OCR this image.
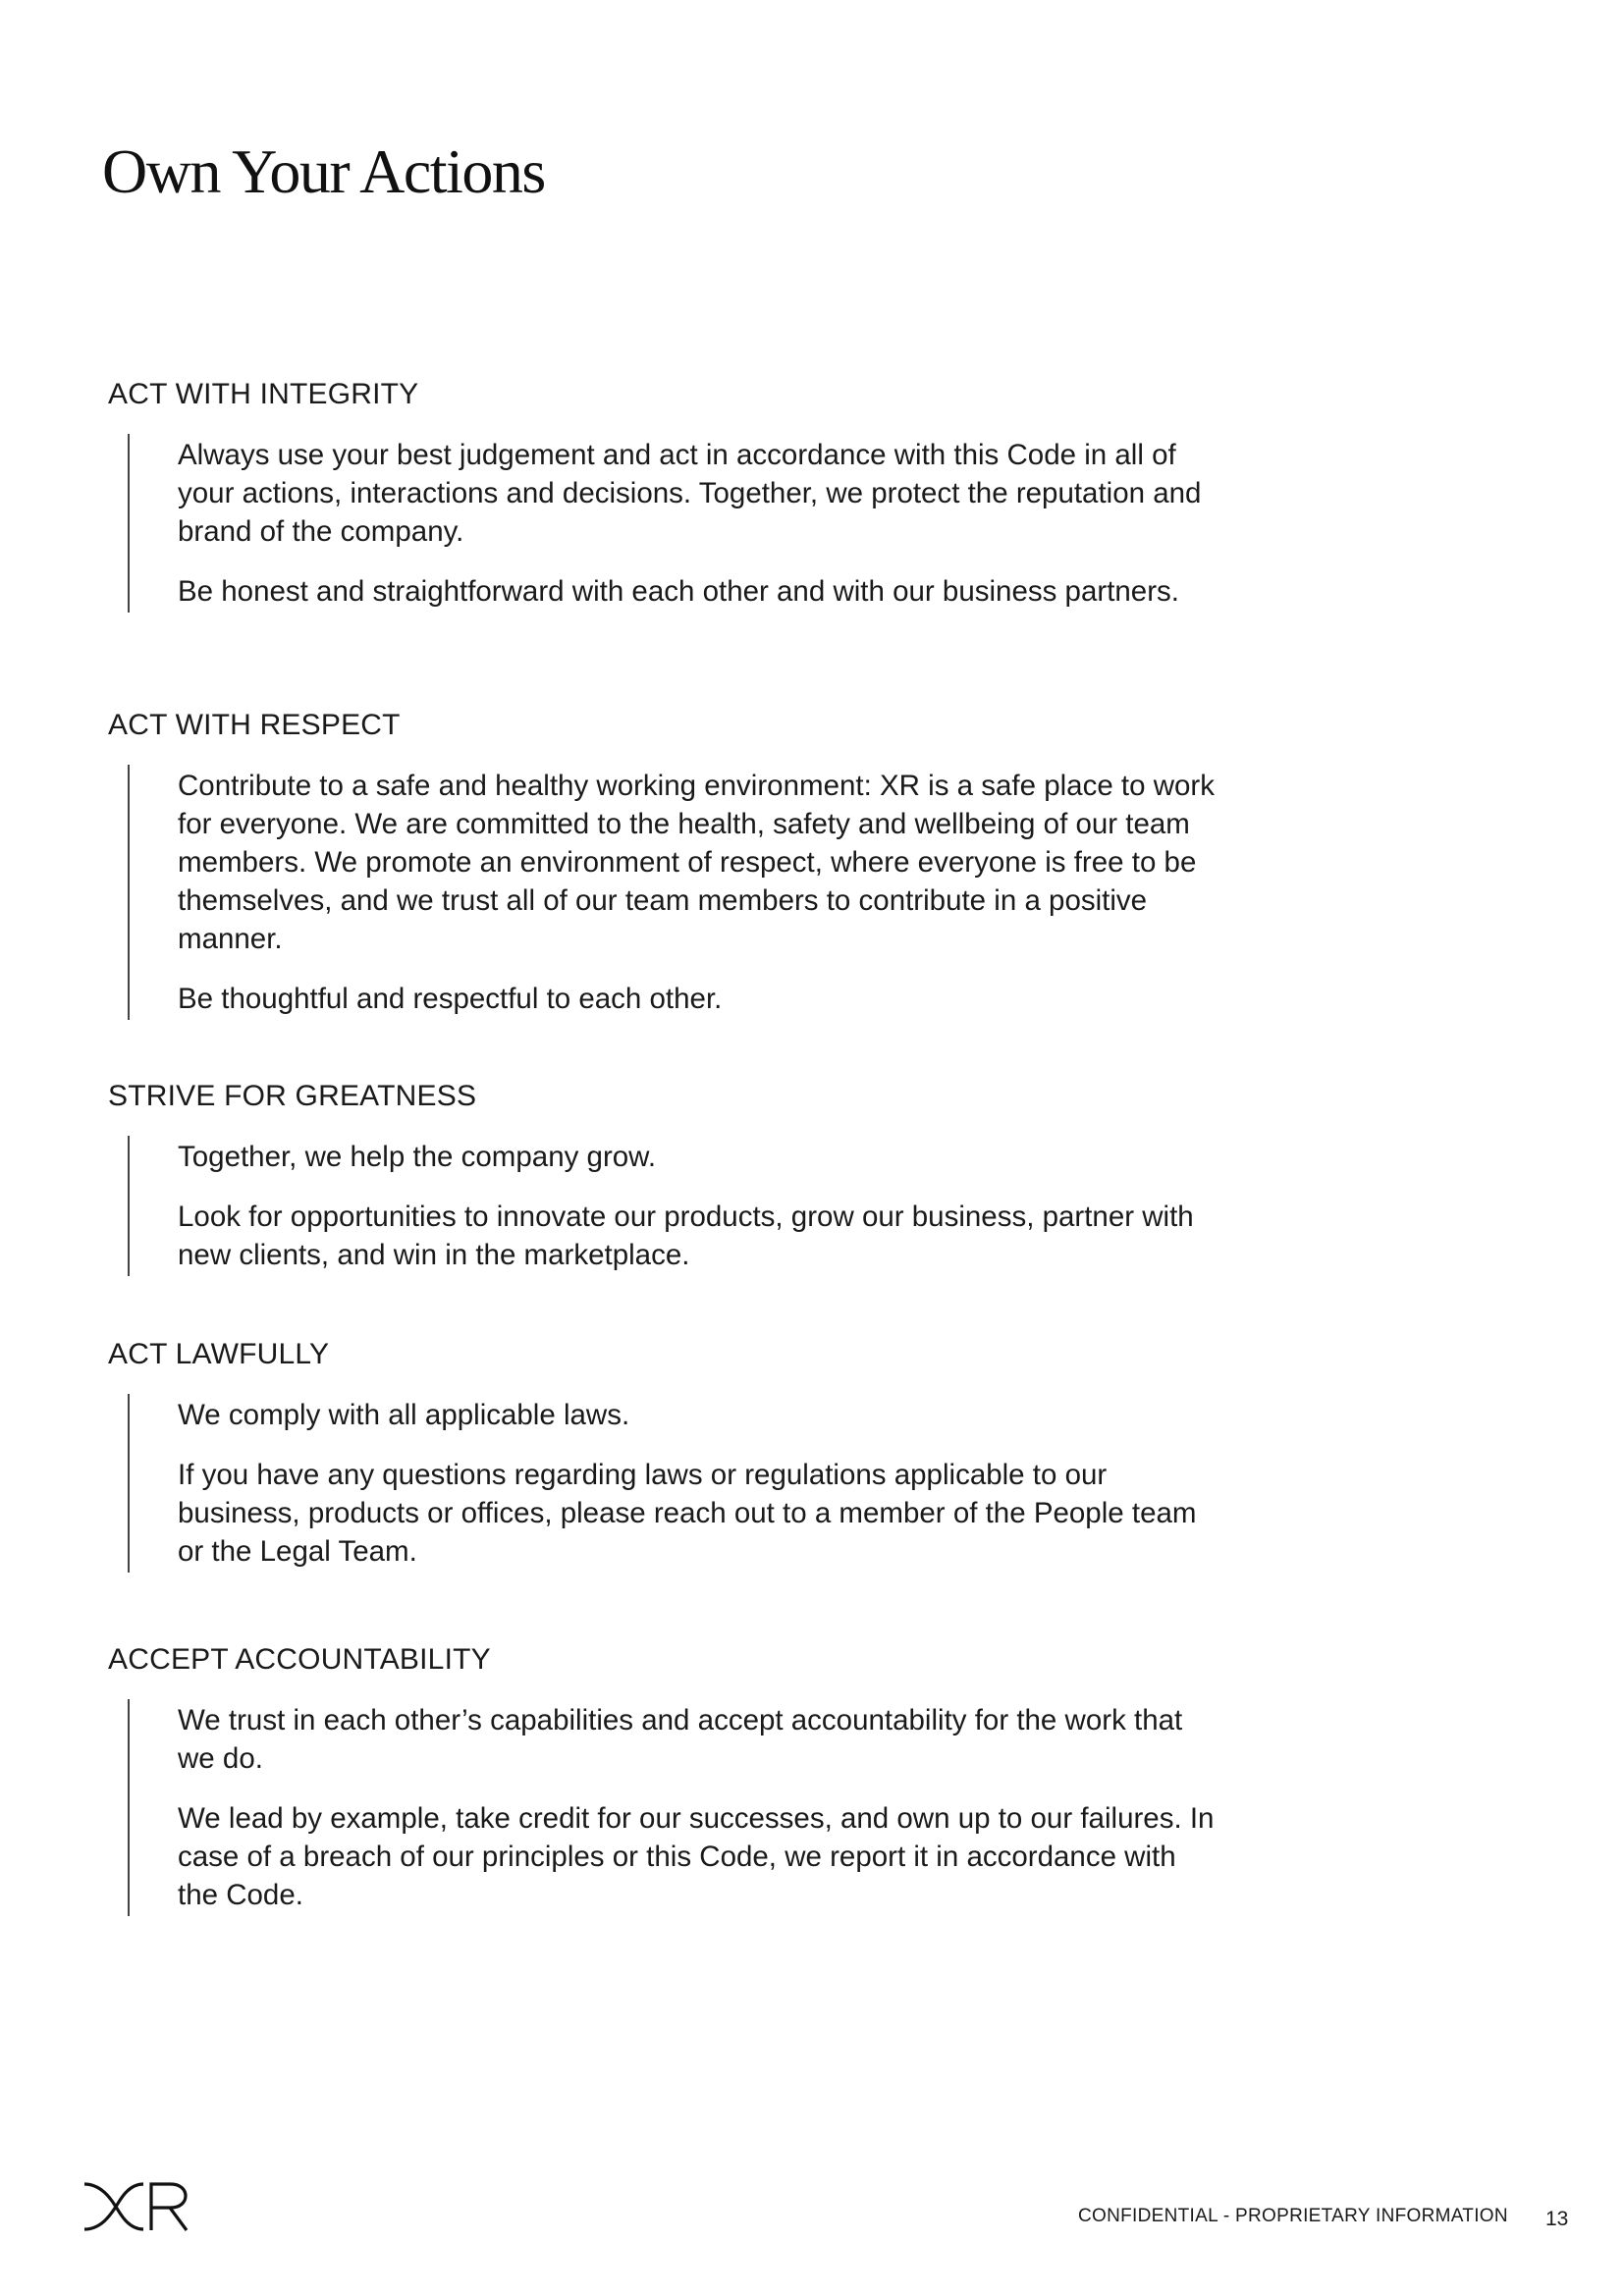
Own Your Actions
ACT WITH INTEGRITY

Always use your best judgement and act in accordance with this Code in all of your actions, interactions and decisions. Together, we protect the reputation and brand of the company.

Be honest and straightforward with each other and with our business partners.

ACT WITH RESPECT

Contribute to a safe and healthy working environment: XR is a safe place to work for everyone. We are committed to the health, safety and wellbeing of our team members. We promote an environment of respect, where everyone is free to be themselves, and we trust all of our team members to contribute in a positive manner.

Be thoughtful and respectful to each other.

STRIVE FOR GREATNESS

Together, we help the company grow.

Look for opportunities to innovate our products, grow our business, partner with new clients, and win in the marketplace.

ACT LAWFULLY

We comply with all applicable laws.

If you have any questions regarding laws or regulations applicable to our business, products or offices, please reach out to a member of the People team or the Legal Team.

ACCEPT ACCOUNTABILITY

We trust in each other’s capabilities and accept accountability for the work that we do.

We lead by example, take credit for our successes, and own up to our failures. In case of a breach of our principles or this Code, we report it in accordance with the Code.

CONFIDENTIAL - PROPRIETARY INFORMATION 13
